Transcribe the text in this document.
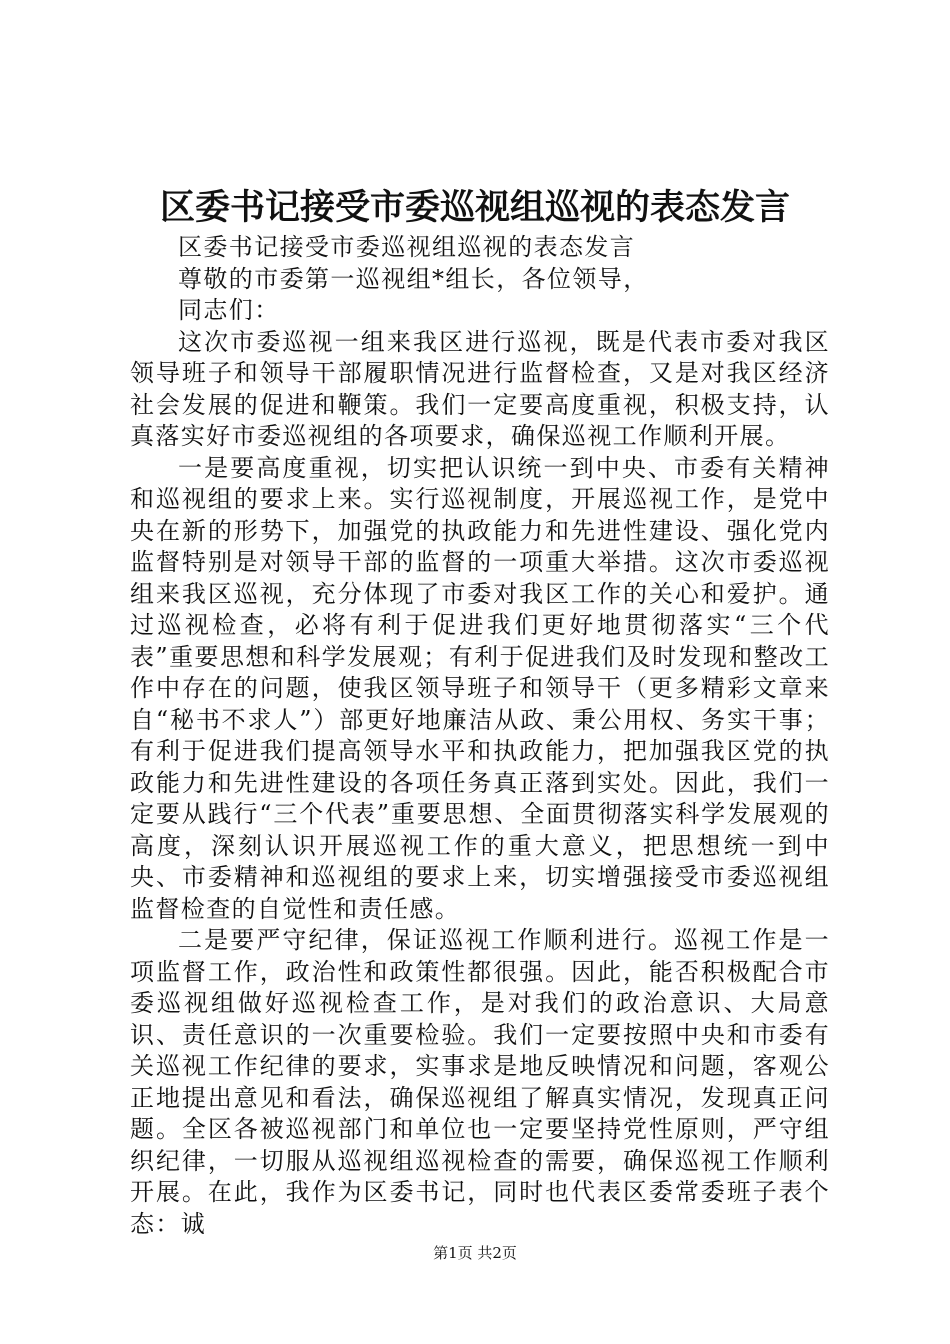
区委书记接受市委巡视组巡视的表态发言

区委书记接受市委巡视组巡视的表态发言

尊敬的市委第一巡视组*组长，各位领导，

同志们：

这次市委巡视一组来我区进行巡视，既是代表市委对我区领导班子和领导干部履职情况进行监督检查，又是对我区经济社会发展的促进和鞭策。我们一定要高度重视，积极支持，认真落实好市委巡视组的各项要求，确保巡视工作顺利开展。

一是要高度重视，切实把认识统一到中央、市委有关精神和巡视组的要求上来。实行巡视制度，开展巡视工作，是党中央在新的形势下，加强党的执政能力和先进性建设、强化党内监督特别是对领导干部的监督的一项重大举措。这次市委巡视组来我区巡视，充分体现了市委对我区工作的关心和爱护。通过巡视检查，必将有利于促进我们更好地贯彻落实“三个代表”重要思想和科学发展观；有利于促进我们及时发现和整改工作中存在的问题，使我区领导班子和领导干（更多精彩文章来自“秘书不求人”）部更好地廉洁从政、秉公用权、务实干事；有利于促进我们提高领导水平和执政能力，把加强我区党的执政能力和先进性建设的各项任务真正落到实处。因此，我们一定要从践行“三个代表”重要思想、全面贯彻落实科学发展观的高度，深刻认识开展巡视工作的重大意义，把思想统一到中央、市委精神和巡视组的要求上来，切实增强接受市委巡视组监督检查的自觉性和责任感。

二是要严守纪律，保证巡视工作顺利进行。巡视工作是一项监督工作，政治性和政策性都很强。因此，能否积极配合市委巡视组做好巡视检查工作，是对我们的政治意识、大局意识、责任意识的一次重要检验。我们一定要按照中央和市委有关巡视工作纪律的要求，实事求是地反映情况和问题，客观公正地提出意见和看法，确保巡视组了解真实情况，发现真正问题。全区各被巡视部门和单位也一定要坚持党性原则，严守组织纪律，一切服从巡视组巡视检查的需要，确保巡视工作顺利开展。在此，我作为区委书记，同时也代表区委常委班子表个态：诚

第1页 共2页
